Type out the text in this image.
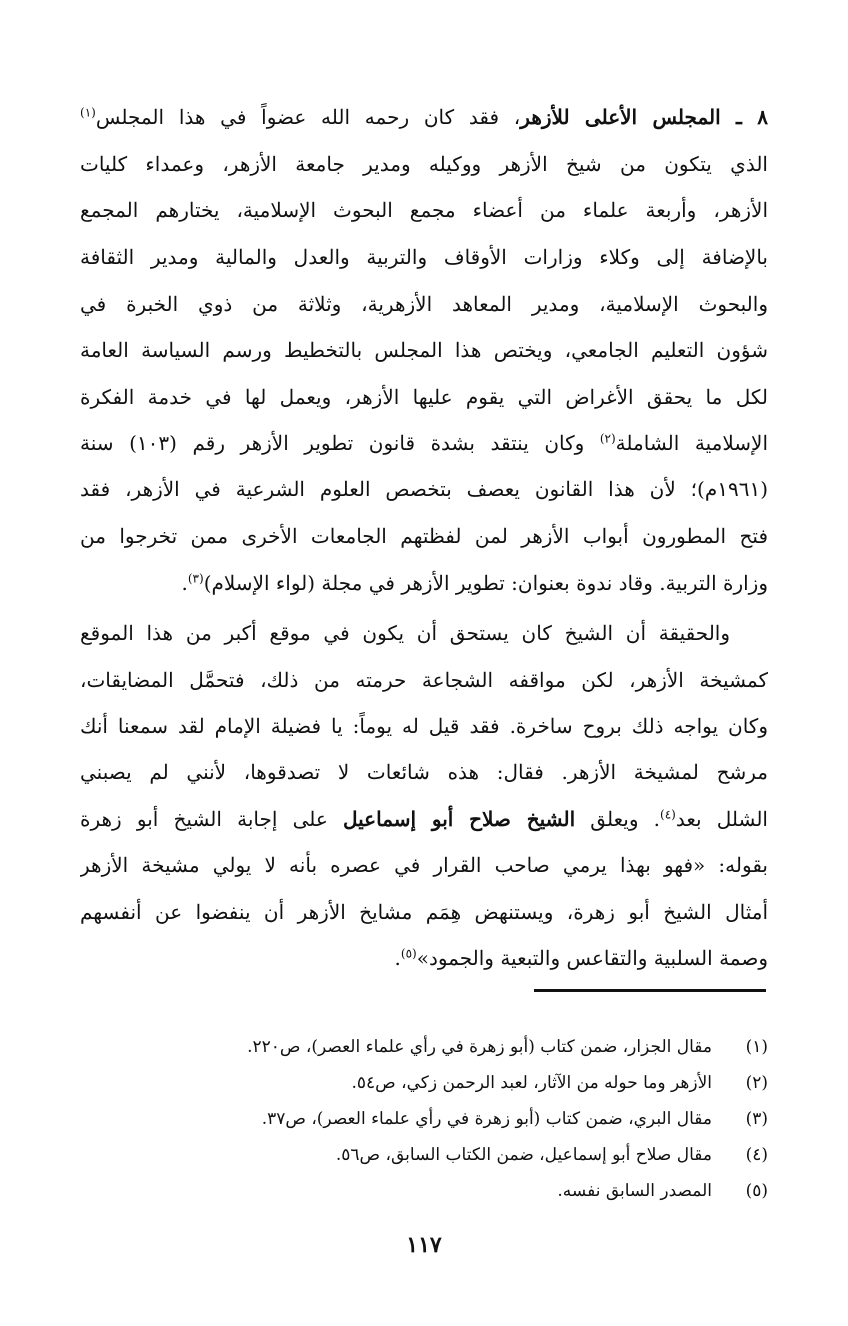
٨ ـ المجلس الأعلى للأزهر، فقد كان رحمه الله عضواً في هذا المجلس$^{(١)}$
الذي يتكون من شيخ الأزهر ووكيله ومدير جامعة الأزهر، وعمداء كليات
الأزهر، وأربعة علماء من أعضاء مجمع البحوث الإسلامية، يختارهم المجمع
بالإضافة إلى وكلاء وزارات الأوقاف والتربية والعدل والمالية ومدير الثقافة
والبحوث الإسلامية، ومدير المعاهد الأزهرية، وثلاثة من ذوي الخبرة في
شؤون التعليم الجامعي، ويختص هذا المجلس بالتخطيط ورسم السياسة العامة
لكل ما يحقق الأغراض التي يقوم عليها الأزهر، ويعمل لها في خدمة الفكرة
الإسلامية الشاملة$^{(٢)}$ وكان ينتقد بشدة قانون تطوير الأزهر رقم (١٠٣) سنة
(١٩٦١م)؛ لأن هذا القانون يعصف بتخصص العلوم الشرعية في الأزهر، فقد
فتح المطورون أبواب الأزهر لمن لفظتهم الجامعات الأخرى ممن تخرجوا من
وزارة التربية. وقاد ندوة بعنوان: تطوير الأزهر في مجلة (لواء الإسلام)$^{(٣)}$.
والحقيقة أن الشيخ كان يستحق أن يكون في موقع أكبر من هذا الموقع
كمشيخة الأزهر، لكن مواقفه الشجاعة حرمته من ذلك، فتحمَّل المضايقات،
وكان يواجه ذلك بروح ساخرة. فقد قيل له يوماً: يا فضيلة الإمام لقد سمعنا أنك
مرشح لمشيخة الأزهر. فقال: هذه شائعات لا تصدقوها، لأنني لم يصبني
الشلل بعد$^{(٤)}$. ويعلق الشيخ صلاح أبو إسماعيل على إجابة الشيخ أبو زهرة
بقوله: «فهو بهذا يرمي صاحب القرار في عصره بأنه لا يولي مشيخة الأزهر
أمثال الشيخ أبو زهرة، ويستنهض هِمَم مشايخ الأزهر أن ينفضوا عن أنفسهم
وصمة السلبية والتقاعس والتبعية والجمود»$^{(٥)}$.
(١)مقال الجزار، ضمن كتاب (أبو زهرة في رأي علماء العصر)، ص٢٢٠.
(٢)الأزهر وما حوله من الآثار، لعبد الرحمن زكي، ص٥٤.
(٣)مقال البري، ضمن كتاب (أبو زهرة في رأي علماء العصر)، ص٣٧.
(٤)مقال صلاح أبو إسماعيل، ضمن الكتاب السابق، ص٥٦.
(٥)المصدر السابق نفسه.
١١٧
